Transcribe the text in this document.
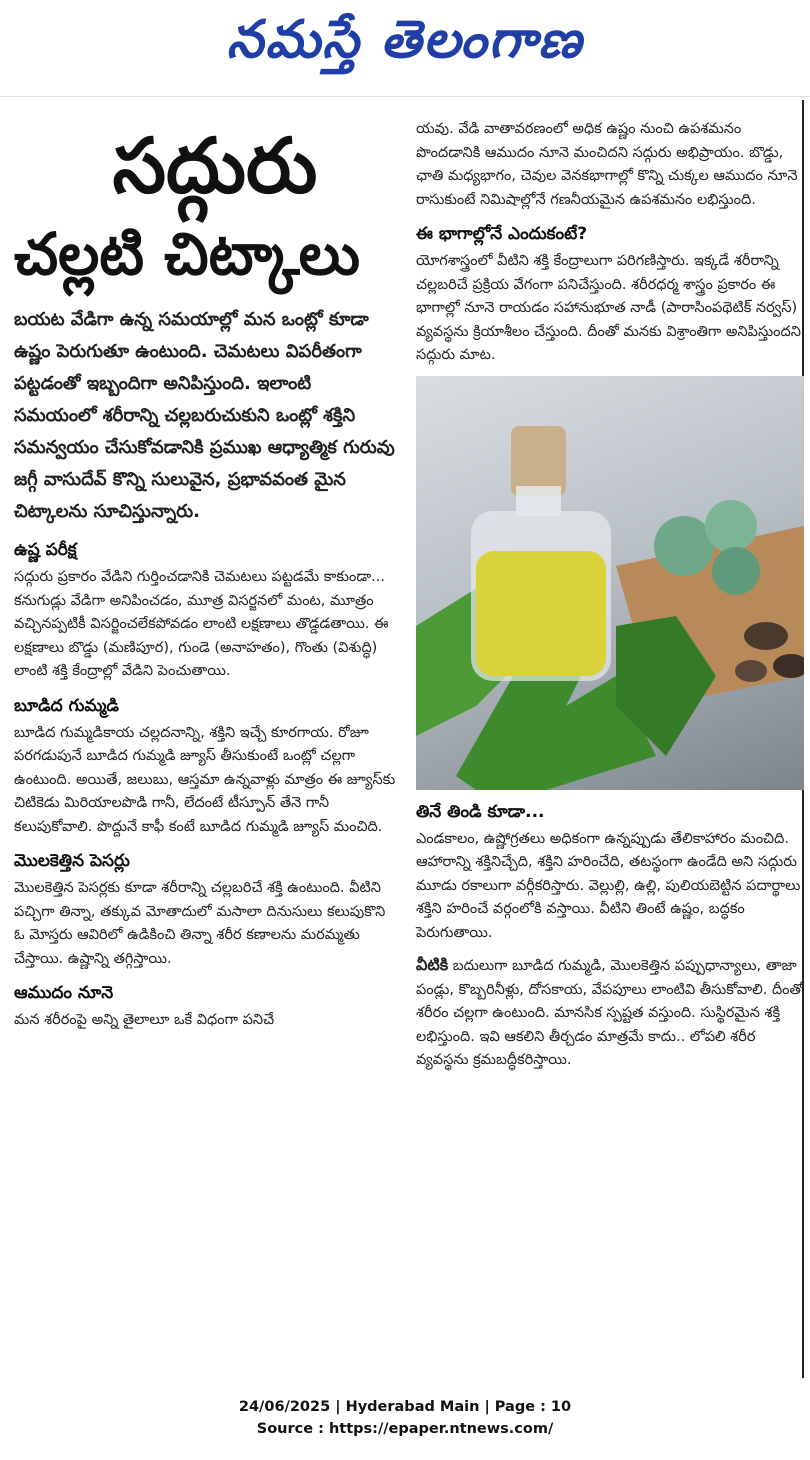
నమస్తే తెలంగాణ
సద్గురు
చల్లటి చిట్కాలు

బయట వేడిగా ఉన్న సమయాల్లో మన ఒంట్లో కూడా ఉష్ణం పెరుగుతూ ఉంటుంది. చెమటలు విపరీతంగా పట్టడంతో ఇబ్బందిగా అనిపిస్తుంది. ఇలాంటి సమయంలో శరీరాన్ని చల్లబరుచుకుని ఒంట్లో శక్తిని సమన్వయం చేసుకోవడానికి ప్రముఖ ఆధ్యాత్మిక గురువు జగ్గీ వాసుదేవ్ కొన్ని సులువైన, ప్రభావవంత మైన చిట్కాలను సూచిస్తున్నారు.

ఉష్ణ పరీక్ష

సద్గురు ప్రకారం వేడిని గుర్తించడానికి చెమటలు పట్టడమే కాకుండా... కనుగుడ్లు వేడిగా అనిపించడం, మూత్ర విసర్జనలో మంట, మూత్రం వచ్చినప్పటికీ విసర్జించలేకపోవడం లాంటి లక్షణాలు తొడ్డడతాయి. ఈ లక్షణాలు బొడ్డు (మణిపూర), గుండె (అనాహతం), గొంతు (విశుద్ధి) లాంటి శక్తి కేంద్రాల్లో వేడిని పెంచుతాయి.

బూడిద గుమ్మడి

బూడిద గుమ్మడికాయ చల్లదనాన్ని, శక్తిని ఇచ్చే కూరగాయ. రోజూ పరగడుపునే బూడిద గుమ్మడి జ్యూస్ తీసుకుంటే ఒంట్లో చల్లగా ఉంటుంది. అయితే, జలుబు, ఆస్తమా ఉన్నవాళ్లు మాత్రం ఈ జ్యూస్‌కు చిటికెడు మిరియాలపొడి గానీ, లేదంటే టీస్పూన్ తేనె గానీ కలుపుకోవాలి. పొద్దునే కాఫీ కంటే బూడిద గుమ్మడి జ్యూస్ మంచిది.

మొలకెత్తిన పెసర్లు

మొలకెత్తిన పెసర్లకు కూడా శరీరాన్ని చల్లబరిచే శక్తి ఉంటుంది. వీటిని పచ్చిగా తిన్నా, తక్కువ మోతాదులో మసాలా దినుసులు కలుపుకొని ఓ మోస్తరు ఆవిరిలో ఉడికించి తిన్నా శరీర కణాలను మరమ్మతు చేస్తాయి. ఉష్ణాన్ని తగ్గిస్తాయి.

ఆముదం నూనె

మన శరీరంపై అన్ని తైలాలూ ఒకే విధంగా పనిచే

యవు. వేడి వాతావరణంలో అధిక ఉష్ణం నుంచి ఉపశమనం పొందడానికి ఆముదం నూనె మంచిదని సద్గురు అభిప్రాయం. బొడ్డు, ఛాతి మధ్యభాగం, చెవుల వెనకభాగాల్లో కొన్ని చుక్కల ఆముదం నూనె రాసుకుంటే నిమిషాల్లోనే గణనీయమైన ఉపశమనం లభిస్తుంది.

ఈ భాగాల్లోనే ఎందుకంటే?

యోగశాస్త్రంలో వీటిని శక్తి కేంద్రాలుగా పరిగణిస్తారు. ఇక్కడే శరీరాన్ని చల్లబరిచే ప్రక్రియ వేగంగా పనిచేస్తుంది. శరీరధర్మ శాస్త్రం ప్రకారం ఈ భాగాల్లో నూనె రాయడం సహానుభూత నాడీ (పారాసింపథెటిక్ నర్వస్) వ్యవస్థను క్రియాశీలం చేస్తుంది. దీంతో మనకు విశ్రాంతిగా అనిపిస్తుందని సద్గురు మాట.

తినే తిండి కూడా...

ఎండకాలం, ఉష్ణోగ్రతలు అధికంగా ఉన్నప్పుడు తేలికాహారం మంచిది. ఆహారాన్ని శక్తినిచ్చేది, శక్తిని హరించేది, తటస్థంగా ఉండేది అని సద్గురు మూడు రకాలుగా వర్గీకరిస్తారు. వెల్లుల్లి, ఉల్లి, పులియబెట్టిన పదార్థాలు శక్తిని హరించే వర్గంలోకి వస్తాయి. వీటిని తింటే ఉష్ణం, బద్ధకం పెరుగుతాయి.

వీటికి బదులుగా బూడిద గుమ్మడి, మొలకెత్తిన పప్పుధాన్యాలు, తాజా పండ్లు, కొబ్బరినీళ్లు, దోసకాయ, వేపపూలు లాంటివి తీసుకోవాలి. దీంతో శరీరం చల్లగా ఉంటుంది. మానసిక స్పష్టత వస్తుంది. సుస్థిరమైన శక్తి లభిస్తుంది. ఇవి ఆకలిని తీర్చడం మాత్రమే కాదు.. లోపలి శరీర వ్యవస్థను క్రమబద్ధీకరిస్తాయి.

24/06/2025 | Hyderabad Main | Page : 10
Source : https://epaper.ntnews.com/
